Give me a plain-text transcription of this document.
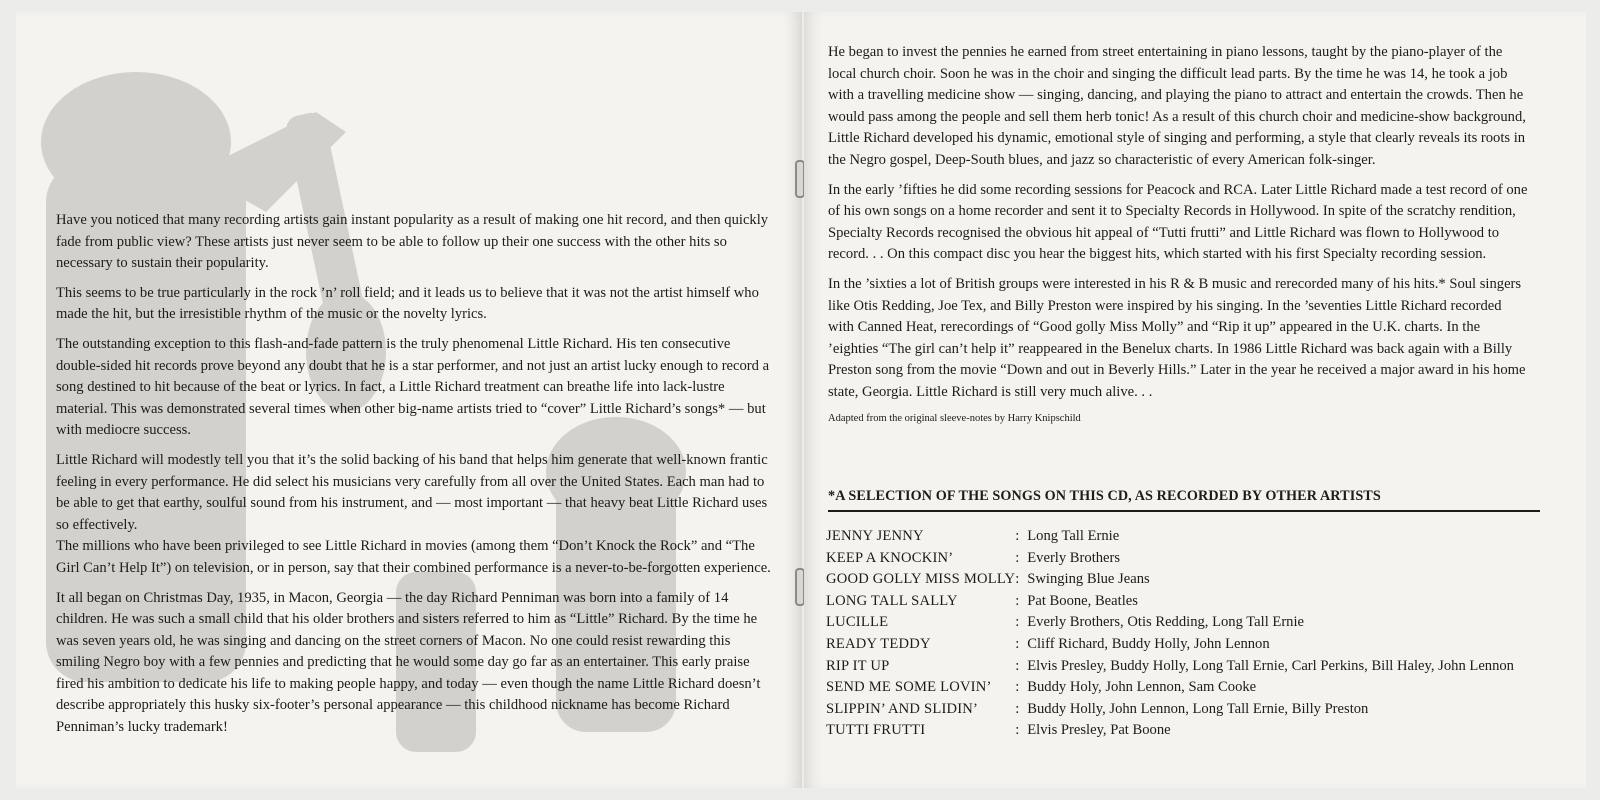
Have you noticed that many recording artists gain instant popularity as a result of making one hit record, and then quickly fade from public view? These artists just never seem to be able to follow up their one success with the other hits so necessary to sustain their popularity.

This seems to be true particularly in the rock ’n’ roll field; and it leads us to believe that it was not the artist himself who made the hit, but the irresistible rhythm of the music or the novelty lyrics.

The outstanding exception to this flash-and-fade pattern is the truly phenomenal Little Richard. His ten consecutive double-sided hit records prove beyond any doubt that he is a star performer, and not just an artist lucky enough to record a song destined to hit because of the beat or lyrics. In fact, a Little Richard treatment can breathe life into lack-lustre material. This was demonstrated several times when other big-name artists tried to “cover” Little Richard’s songs* — but with mediocre success.

Little Richard will modestly tell you that it’s the solid backing of his band that helps him generate that well-known frantic feeling in every performance. He did select his musicians very carefully from all over the United States. Each man had to be able to get that earthy, soulful sound from his instrument, and — most important — that heavy beat Little Richard uses so effectively.

The millions who have been privileged to see Little Richard in movies (among them “Don’t Knock the Rock” and “The Girl Can’t Help It”) on television, or in person, say that their combined performance is a never-to-be-forgotten experience.

It all began on Christmas Day, 1935, in Macon, Georgia — the day Richard Penniman was born into a family of 14 children. He was such a small child that his older brothers and sisters referred to him as “Little” Richard. By the time he was seven years old, he was singing and dancing on the street corners of Macon. No one could resist rewarding this smiling Negro boy with a few pennies and predicting that he would some day go far as an entertainer. This early praise fired his ambition to dedicate his life to making people happy, and today — even though the name Little Richard doesn’t describe appropriately this husky six-footer’s personal appearance — this childhood nickname has become Richard Penniman’s lucky trademark!

He began to invest the pennies he earned from street entertaining in piano lessons, taught by the piano-player of the local church choir. Soon he was in the choir and singing the difficult lead parts. By the time he was 14, he took a job with a travelling medicine show — singing, dancing, and playing the piano to attract and entertain the crowds. Then he would pass among the people and sell them herb tonic! As a result of this church choir and medicine-show background, Little Richard developed his dynamic, emotional style of singing and performing, a style that clearly reveals its roots in the Negro gospel, Deep-South blues, and jazz so characteristic of every American folk-singer.

In the early ’fifties he did some recording sessions for Peacock and RCA. Later Little Richard made a test record of one of his own songs on a home recorder and sent it to Specialty Records in Hollywood. In spite of the scratchy rendition, Specialty Records recognised the obvious hit appeal of “Tutti frutti” and Little Richard was flown to Hollywood to record. . . On this compact disc you hear the biggest hits, which started with his first Specialty recording session.

In the ’sixties a lot of British groups were interested in his R & B music and rerecorded many of his hits.* Soul singers like Otis Redding, Joe Tex, and Billy Preston were inspired by his singing. In the ’seventies Little Richard recorded with Canned Heat, rerecordings of “Good golly Miss Molly” and “Rip it up” appeared in the U.K. charts. In the ’eighties “The girl can’t help it” reappeared in the Benelux charts. In 1986 Little Richard was back again with a Billy Preston song from the movie “Down and out in Beverly Hills.” Later in the year he received a major award in his home state, Georgia. Little Richard is still very much alive. . .

Adapted from the original sleeve-notes by Harry Knipschild
*A SELECTION OF THE SONGS ON THIS CD, AS RECORDED BY OTHER ARTISTS
JENNY JENNY	:	Long Tall Ernie
KEEP A KNOCKIN’	:	Everly Brothers
GOOD GOLLY MISS MOLLY	:	Swinging Blue Jeans
LONG TALL SALLY	:	Pat Boone, Beatles
LUCILLE	:	Everly Brothers, Otis Redding, Long Tall Ernie
READY TEDDY	:	Cliff Richard, Buddy Holly, John Lennon
RIP IT UP	:	Elvis Presley, Buddy Holly, Long Tall Ernie, Carl Perkins, Bill Haley, John Lennon
SEND ME SOME LOVIN’	:	Buddy Holy, John Lennon, Sam Cooke
SLIPPIN’ AND SLIDIN’	:	Buddy Holly, John Lennon, Long Tall Ernie, Billy Preston
TUTTI FRUTTI	:	Elvis Presley, Pat Boone
